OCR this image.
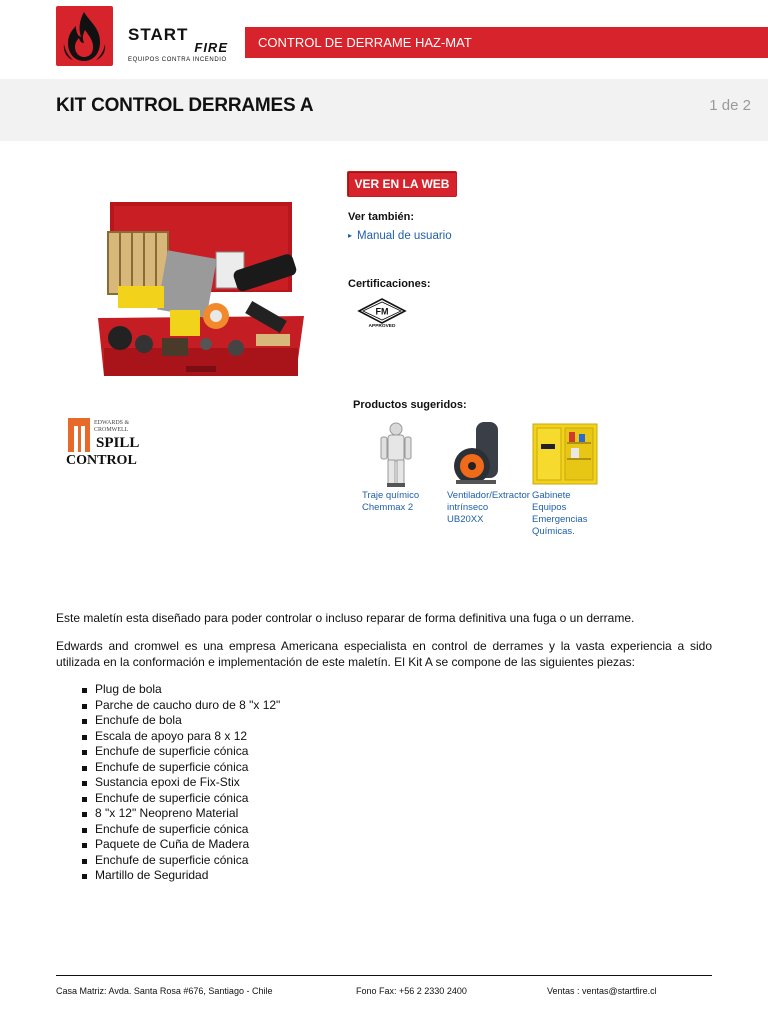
START
FIRE
EQUIPOS CONTRA INCENDIO
CONTROL DE DERRAME HAZ-MAT
KIT CONTROL DERRAMES A	1 de 2
VER EN LA WEB
Ver también:
▸ Manual de usuario
Certificaciones:
FM
APPROVED
EDWARDS &
CROMWELL
SPILL
CONTROL
Productos sugeridos:
Traje químico
Chemmax 2
Ventilador/Extractor
intrínseco
UB20XX
Gabinete
Equipos
Emergencias
Químicas.
Este maletín esta diseñado para poder controlar o incluso reparar de forma definitiva una fuga o un derrame.
Edwards and cromwel es una empresa Americana especialista en control de derrames y la vasta experiencia a sido utilizada en la conformación e implementación de este maletín. El Kit A se compone de las siguientes piezas:
Plug de bola
Parche de caucho duro de 8 "x 12"
Enchufe de bola
Escala de apoyo para 8 x 12
Enchufe de superficie cónica
Enchufe de superficie cónica
Sustancia epoxi de Fix-Stix
Enchufe de superficie cónica
8 "x 12" Neopreno Material
Enchufe de superficie cónica
Paquete de Cuña de Madera
Enchufe de superficie cónica
Martillo de Seguridad
Casa Matriz: Avda. Santa Rosa #676, Santiago - Chile	Fono Fax: +56 2 2330 2400	Ventas : ventas@startfire.cl
